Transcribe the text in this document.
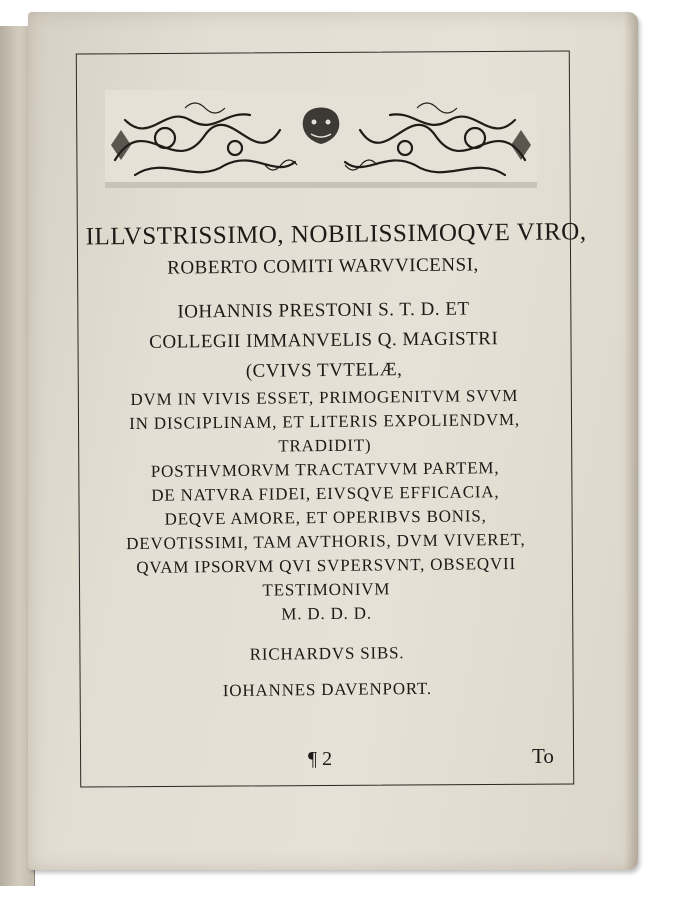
ILLVSTRISSIMO, NOBILISSIMOQVE VIRO,
ROBERTO COMITI WARVVICENSI,
IOHANNIS PRESTONI S. T. D. ET
COLLEGII IMMANVELIS Q. MAGISTRI
(CVIVS TVTELÆ,
DVM IN VIVIS ESSET, PRIMOGENITVM SVVM
IN DISCIPLINAM, ET LITERIS EXPOLIENDVM,
TRADIDIT)
POSTHVMORVM TRACTATVVM PARTEM,
DE NATVRA FIDEI, EIVSQVE EFFICACIA,
DEQVE AMORE, ET OPERIBVS BONIS,
DEVOTISSIMI, TAM AVTHORIS, DVM VIVERET,
QVAM IPSORVM QVI SVPERSVNT, OBSEQVII
TESTIMONIVM
M. D. D. D.
RICHARDVS SIBS.
IOHANNES DAVENPORT.
¶ 2	To
